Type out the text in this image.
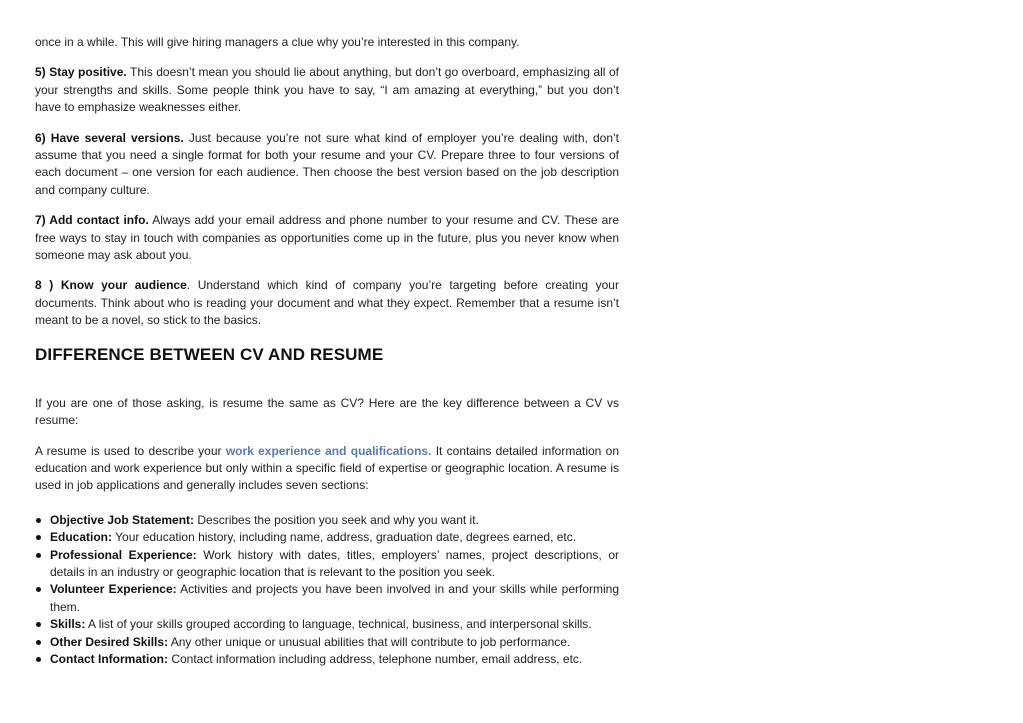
once in a while. This will give hiring managers a clue why you’re interested in this company.

5) Stay positive. This doesn’t mean you should lie about anything, but don’t go overboard, emphasizing all of your strengths and skills. Some people think you have to say, “I am amazing at everything,” but you don’t have to emphasize weaknesses either.

6) Have several versions. Just because you’re not sure what kind of employer you’re dealing with, don’t assume that you need a single format for both your resume and your CV. Prepare three to four versions of each document – one version for each audience. Then choose the best version based on the job description and company culture.

7) Add contact info. Always add your email address and phone number to your resume and CV. These are free ways to stay in touch with companies as opportunities come up in the future, plus you never know when someone may ask about you.

8 ) Know your audience. Understand which kind of company you’re targeting before creating your documents. Think about who is reading your document and what they expect. Remember that a resume isn’t meant to be a novel, so stick to the basics.

DIFFERENCE BETWEEN CV AND RESUME

If you are one of those asking, is resume the same as CV? Here are the key difference between a CV vs resume:

A resume is used to describe your work experience and qualifications. It contains detailed information on education and work experience but only within a specific field of expertise or geographic location. A resume is used in job applications and generally includes seven sections:

Objective Job Statement: Describes the position you seek and why you want it.
Education: Your education history, including name, address, graduation date, degrees earned, etc.
Professional Experience: Work history with dates, titles, employers’ names, project descriptions, or details in an industry or geographic location that is relevant to the position you seek.
Volunteer Experience: Activities and projects you have been involved in and your skills while performing them.
Skills: A list of your skills grouped according to language, technical, business, and interpersonal skills.
Other Desired Skills: Any other unique or unusual abilities that will contribute to job performance.
Contact Information: Contact information including address, telephone number, email address, etc.
